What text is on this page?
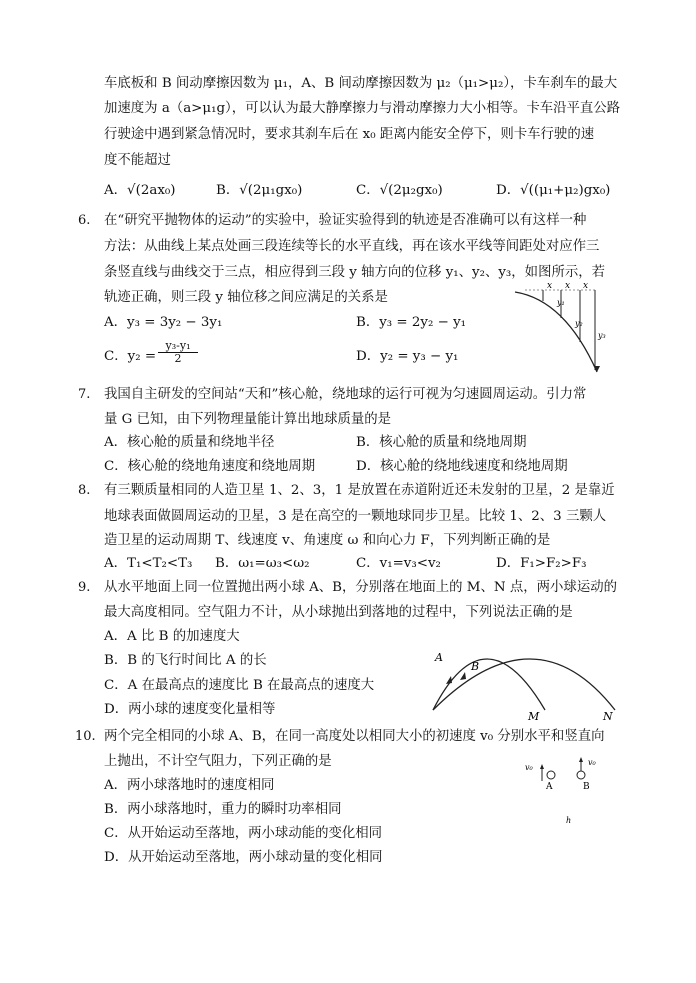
车底板和 B 间动摩擦因数为 μ₁，A、B 间动摩擦因数为 μ₂（μ₁>μ₂），卡车刹车的最大
加速度为 a（a>μ₁g），可以认为最大静摩擦力与滑动摩擦力大小相等。卡车沿平直公路
行驶途中遇到紧急情况时，要求其刹车后在 x₀ 距离内能安全停下，则卡车行驶的速
度不能超过
A．√(2ax₀)	B．√(2μ₁gx₀)	C．√(2μ₂gx₀)	D．√((μ₁+μ₂)gx₀)
6. 在“研究平抛物体的运动”的实验中，验证实验得到的轨迹是否准确可以有这样一种
方法：从曲线上某点处画三段连续等长的水平直线，再在该水平线等间距处对应作三
条竖直线与曲线交于三点，相应得到三段 y 轴方向的位移 y₁、y₂、y₃，如图所示，若
轨迹正确，则三段 y 轴位移之间应满足的关系是
A．y₃ = 3y₂ − 3y₁	B．y₃ = 2y₂ − y₁
C．$y_2 = \frac{\text{y₃-y₁}}{2}$	D．y₂ = y₃ − y₁
x x x
y₁
y₂
y₃
7. 我国自主研发的空间站“天和”核心舱，绕地球的运行可视为匀速圆周运动。引力常
量 G 已知，由下列物理量能计算出地球质量的是
A．核心舱的质量和绕地半径	B．核心舱的质量和绕地周期
C．核心舱的绕地角速度和绕地周期	D．核心舱的绕地线速度和绕地周期
8. 有三颗质量相同的人造卫星 1、2、3，1 是放置在赤道附近还未发射的卫星，2 是靠近
地球表面做圆周运动的卫星，3 是在高空的一颗地球同步卫星。比较 1、2、3 三颗人
造卫星的运动周期 T、线速度 v、角速度 ω 和向心力 F，下列判断正确的是
A．T₁<T₂<T₃ B．ω₁=ω₃<ω₂	C．v₁=v₃<v₂	D．F₁>F₂>F₃
9. 从水平地面上同一位置抛出两小球 A、B，分别落在地面上的 M、N 点，两小球运动的
最大高度相同。空气阻力不计，从小球抛出到落地的过程中，下列说法正确的是
A．A 比 B 的加速度大
B．B 的飞行时间比 A 的长
C．A 在最高点的速度比 B 在最高点的速度大
D．两小球的速度变化量相等
A
B
M	N
10. 两个完全相同的小球 A、B，在同一高度处以相同大小的初速度 v₀ 分别水平和竖直向
上抛出，不计空气阻力，下列正确的是
A．两小球落地时的速度相同
B．两小球落地时，重力的瞬时功率相同
C．从开始运动至落地，两小球动能的变化相同
D．从开始运动至落地，两小球动量的变化相同
v₀
A
v₀
B
h
